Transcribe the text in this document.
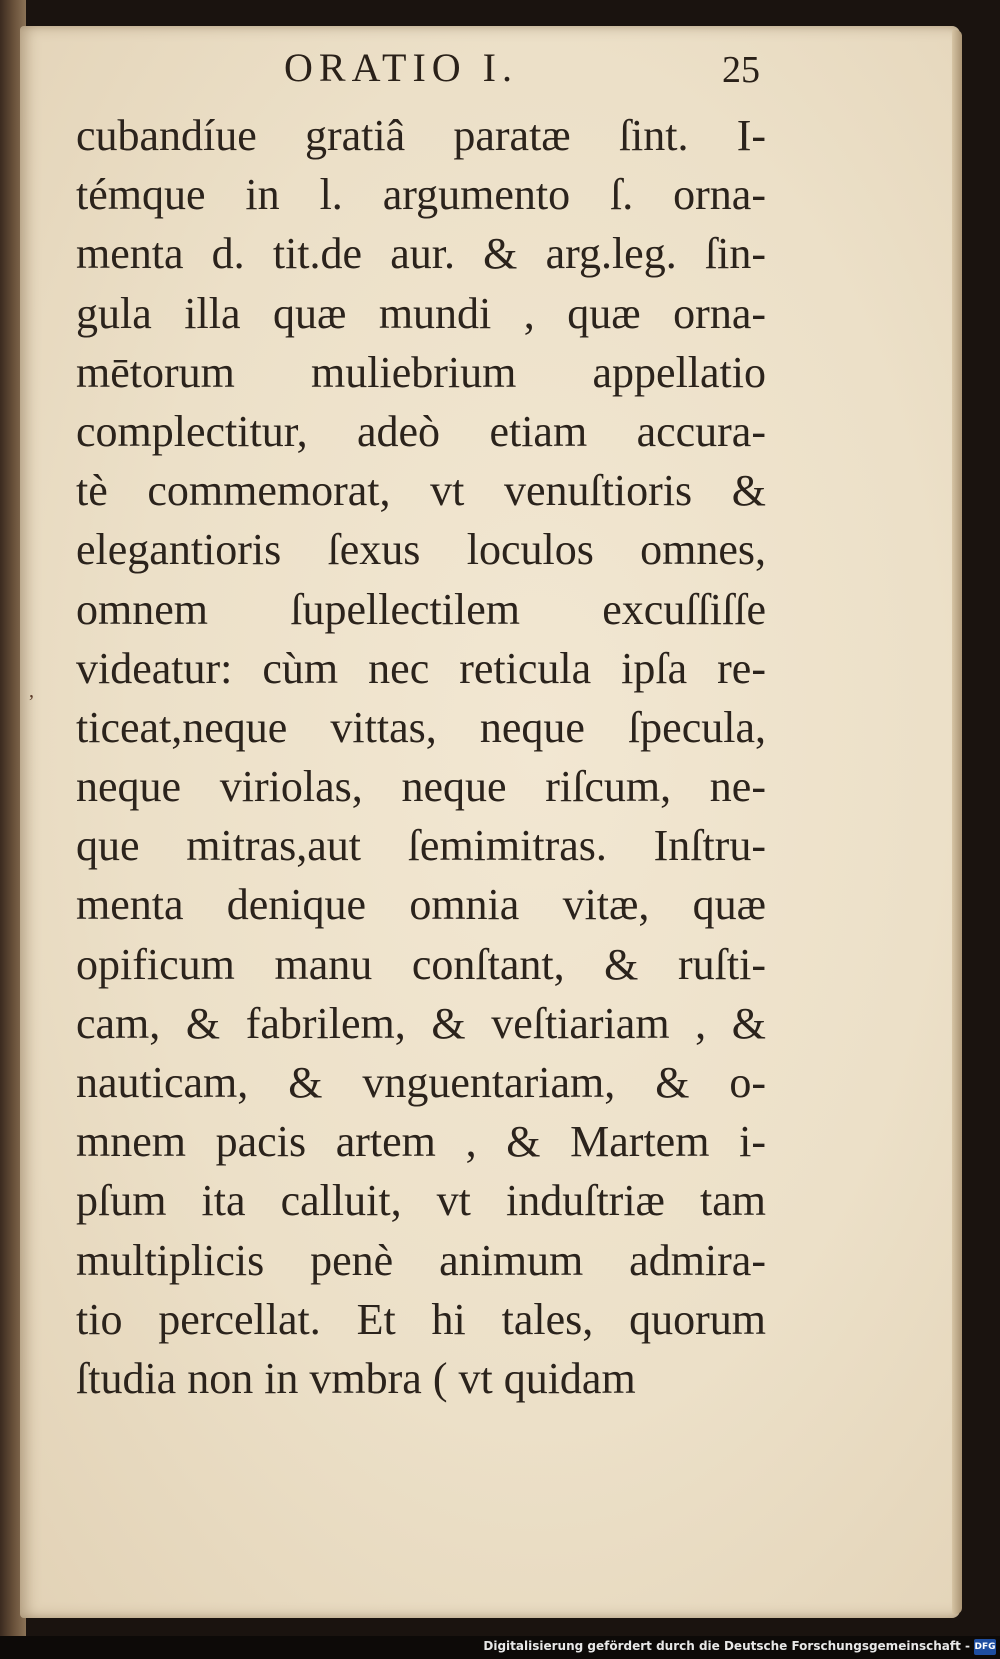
ORATIO I.	25
‚
cubandíue gratiâ paratæ ſint. I-
témque in l. argumento ſ. orna-
menta d. tit.de aur. & arg.leg. ſin-
gula illa quæ mundi , quæ orna-
mētorum muliebrium appellatio
complectitur, adeò etiam accura-
tè commemorat, vt venuſtioris &
elegantioris ſexus loculos omnes,
omnem ſupellectilem excuſſiſſe
videatur: cùm nec reticula ipſa re-
ticeat,neque vittas, neque ſpecula,
neque viriolas, neque riſcum, ne-
que mitras,aut ſemimitras. Inſtru-
menta denique omnia vitæ, quæ
opificum manu conſtant, & ruſti-
cam, & fabrilem, & veſtiariam , &
nauticam, & vnguentariam, & o-
mnem pacis artem , & Martem i-
pſum ita calluit, vt induſtriæ tam
multiplicis penè animum admira-
tio percellat. Et hi tales, quorum
ſtudia non in vmbra ( vt quidam
Digitalisierung gefördert durch die Deutsche Forschungsgemeinschaft - DFG
